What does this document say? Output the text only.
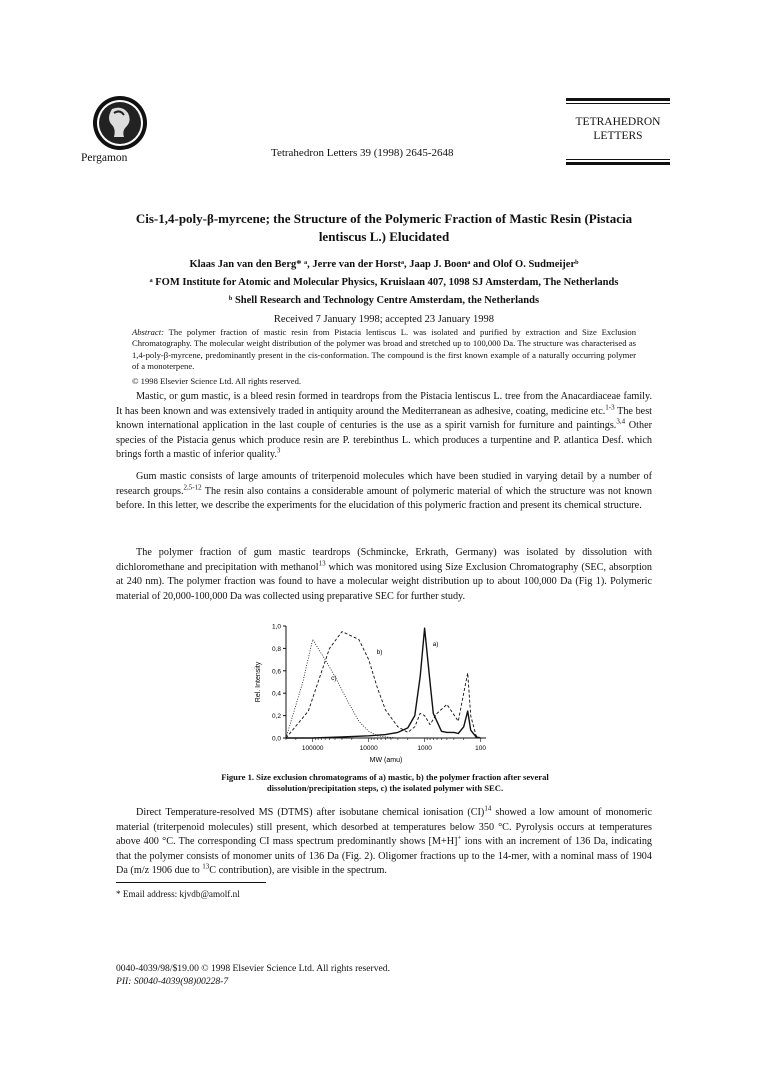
Pergamon	Tetrahedron Letters 39 (1998) 2645-2648
TETRAHEDRON
LETTERS
Cis-1,4-poly-β-myrcene; the Structure of the Polymeric Fraction of Mastic Resin (Pistacia
lentiscus L.) Elucidated
Klaas Jan van den Berg* ᵃ, Jerre van der Horstᵃ, Jaap J. Boonᵃ and Olof O. Sudmeijerᵇ
ᵃ FOM Institute for Atomic and Molecular Physics, Kruislaan 407, 1098 SJ Amsterdam, The Netherlands
ᵇ Shell Research and Technology Centre Amsterdam, the Netherlands
Received 7 January 1998; accepted 23 January 1998
Abstract: The polymer fraction of mastic resin from Pistacia lentiscus L. was isolated and purified by extraction and Size Exclusion Chromatography. The molecular weight distribution of the polymer was broad and stretched up to 100,000 Da. The structure was characterised as 1,4-poly-β-myrcene, predominantly present in the cis-conformation. The compound is the first known example of a naturally occurring polymer of a monoterpene.
© 1998 Elsevier Science Ltd. All rights reserved.
Mastic, or gum mastic, is a bleed resin formed in teardrops from the Pistacia lentiscus L. tree from the Anacardiaceae family. It has been known and was extensively traded in antiquity around the Mediterranean as adhesive, coating, medicine etc.$^{1-3}$ The best known international application in the last couple of centuries is the use as a spirit varnish for furniture and paintings.$^{3,4}$ Other species of the Pistacia genus which produce resin are P. terebinthus L. which produces a turpentine and P. atlantica Desf. which brings forth a mastic of inferior quality.$^3$
Gum mastic consists of large amounts of triterpenoid molecules which have been studied in varying detail by a number of research groups.$^{2,5-12}$ The resin also contains a considerable amount of polymeric material of which the structure was not known before. In this letter, we describe the experiments for the elucidation of this polymeric fraction and present its chemical structure.
The polymer fraction of gum mastic teardrops (Schmincke, Erkrath, Germany) was isolated by dissolution with dichloromethane and precipitation with methanol$^{13}$ which was monitored using Size Exclusion Chromatography (SEC, absorption at 240 nm). The polymer fraction was found to have a molecular weight distribution up to about 100,000 Da (Fig 1). Polymeric material of 20,000-100,000 Da was collected using preparative SEC for further study.
0,0
0,2
0,4
0,6
0,8
1,0
100000	10000	1000	100
MW (amu)
Rel. Intensity
a)
b)
c)
Figure 1. Size exclusion chromatograms of a) mastic, b) the polymer fraction after several
dissolution/precipitation steps, c) the isolated polymer with SEC.
Direct Temperature-resolved MS (DTMS) after isobutane chemical ionisation (CI)$^{14}$ showed a low amount of monomeric material (triterpenoid molecules) still present, which desorbed at temperatures below 350 °C. Pyrolysis occurs at temperatures above 400 °C. The corresponding CI mass spectrum predominantly shows [M+H]+ ions with an increment of 136 Da, indicating that the polymer consists of monomer units of 136 Da (Fig. 2). Oligomer fractions up to the 14-mer, with a nominal mass of 1904 Da (m/z 1906 due to $^{13}$C contribution), are visible in the spectrum.
* Email address: kjvdb@amolf.nl
0040-4039/98/$19.00 © 1998 Elsevier Science Ltd. All rights reserved.
PII: S0040-4039(98)00228-7
